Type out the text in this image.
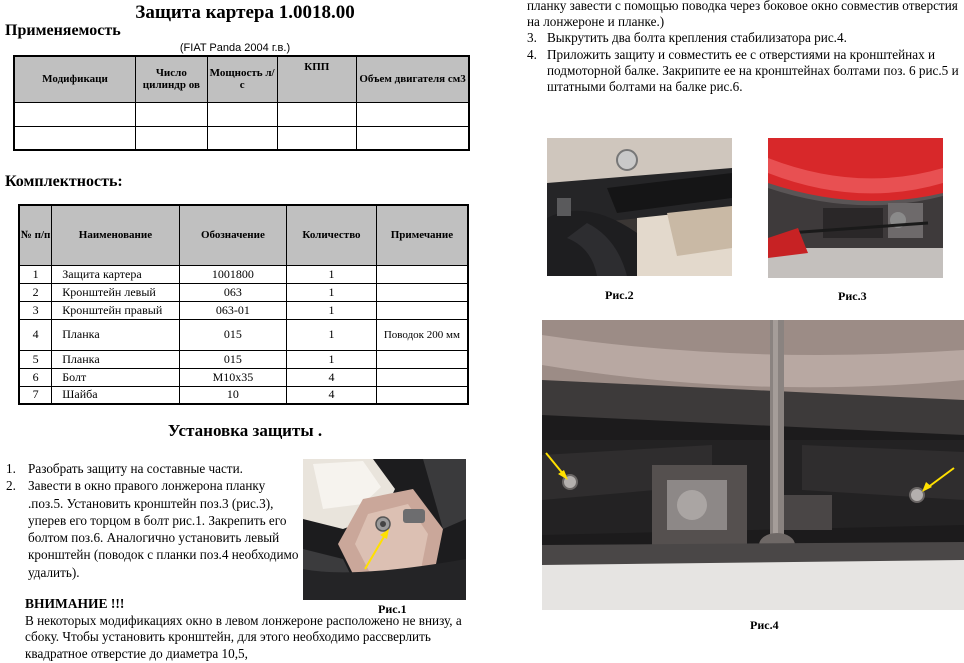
Защита картера 1.0018.00
Применяемость
(FIAT Panda 2004 г.в.)
Модификаци	Число цилиндр ов	Мощность л/с	КПП	Объем двигателя см3

Комплектность:
№ п/п	Наименование	Обозначение	Количество	Примечание
1	Защита картера	1001800	1	
2	Кронштейн левый	063	1	
3	Кронштейн правый	063-01	1	
4	Планка	015	1	Поводок 200 мм
5	Планка	015	1	
6	Болт	М10х35	4	
7	Шайба	10	4	
Установка защиты .
1. Разобрать защиту на составные части.
2. Завести в окно правого лонжерона планку .поз.5. Установить кронштейн поз.3 (рис.3), уперев его торцом в болт рис.1. Закрепить его болтом поз.6. Аналогично установить левый кронштейн (поводок с планки поз.4 необходимо удалить).
ВНИМАНИЕ !!!
В некоторых модификациях окно в левом лонжероне расположено не внизу, а сбоку. Чтобы установить кронштейн, для этого необходимо рассверлить квадратное отверстие до диаметра 10,5,
Рис.1
планку завести с помощью поводка через боковое окно совместив отверстия на лонжероне и планке.)
3. Выкрутить два болта крепления стабилизатора рис.4.
4. Приложить защиту и совместить ее с отверстиями на кронштейнах и подмоторной балке. Закрипите ее на кронштейнах болтами поз. 6 рис.5 и штатными болтами на балке рис.6.
Рис.2	Рис.3
Рис.4
